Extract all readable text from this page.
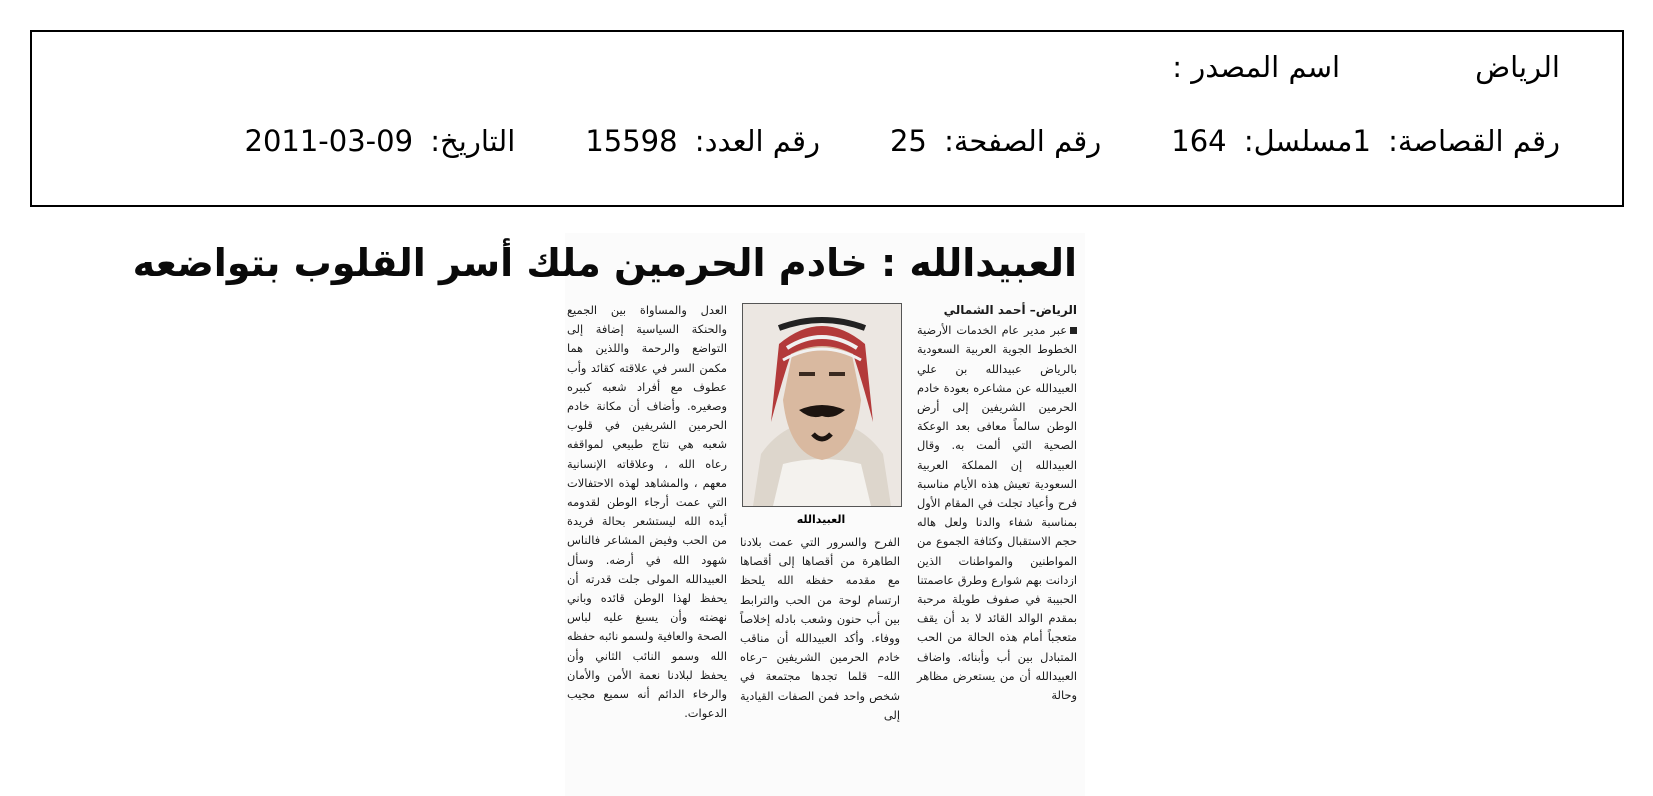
اسم المصدر :	الرياض
التاريخ: 2011-03-09	رقم العدد: 15598	رقم الصفحة: 25	مسلسل: 164	رقم القصاصة: 1
العبيدالله : خادم الحرمين ملك أسر القلوب بتواضعه
الرياض– أحمد الشمالي

عبر مدير عام الخدمات الأرضية الخطوط الجوية العربية السعودية بالرياض عبيدالله بن علي العبيدالله عن مشاعره بعودة خادم الحرمين الشريفين إلى أرض الوطن سالماً معافى بعد الوعكة الصحية التي ألمت به. وقال العبيدالله إن المملكة العربية السعودية تعيش هذه الأيام مناسبة فرح وأعياد تجلت في المقام الأول بمناسبة شفاء والدنا ولعل هاله حجم الاستقبال وكثافة الجموع من المواطنين والمواطنات الذين ازدانت بهم شوارع وطرق عاصمتنا الحبيبة في صفوف طويلة مرحبة بمقدم الوالد القائد لا بد أن يقف متعجباً أمام هذه الحالة من الحب المتبادل بين أب وأبنائه. واضاف العبيدالله أن من يستعرض مظاهر وحالة

العبيدالله

الفرح والسرور التي عمت بلادنا الطاهرة من أقصاها إلى أقصاها مع مقدمه حفظه الله يلحظ ارتسام لوحة من الحب والترابط بين أب حنون وشعب بادله إخلاصاً ووفاء. وأكد العبيدالله أن مناقب خادم الحرمين الشريفين –رعاه الله– قلما تجدها مجتمعة في شخص واحد فمن الصفات القيادية إلى

العدل والمساواة بين الجميع والحنكة السياسية إضافة إلى التواضع والرحمة واللذين هما مكمن السر في علاقته كقائد وأب عطوف مع أفراد شعبه كبيره وصغيره. وأضاف أن مكانة خادم الحرمين الشريفين في قلوب شعبه هي نتاج طبيعي لمواقفه رعاه الله ، وعلاقاته الإنسانية معهم ، والمشاهد لهذه الاحتفالات التي عمت أرجاء الوطن لقدومه أيده الله ليستشعر بحالة فريدة من الحب وفيض المشاعر فالناس شهود الله في أرضه. وسأل العبيدالله المولى جلت قدرته أن يحفظ لهذا الوطن قائده وباني نهضته وأن يسبغ عليه لباس الصحة والعافية ولسمو نائبه حفظه الله وسمو النائب الثاني وأن يحفظ لبلادنا نعمة الأمن والأمان والرخاء الدائم أنه سميع مجيب الدعوات.
